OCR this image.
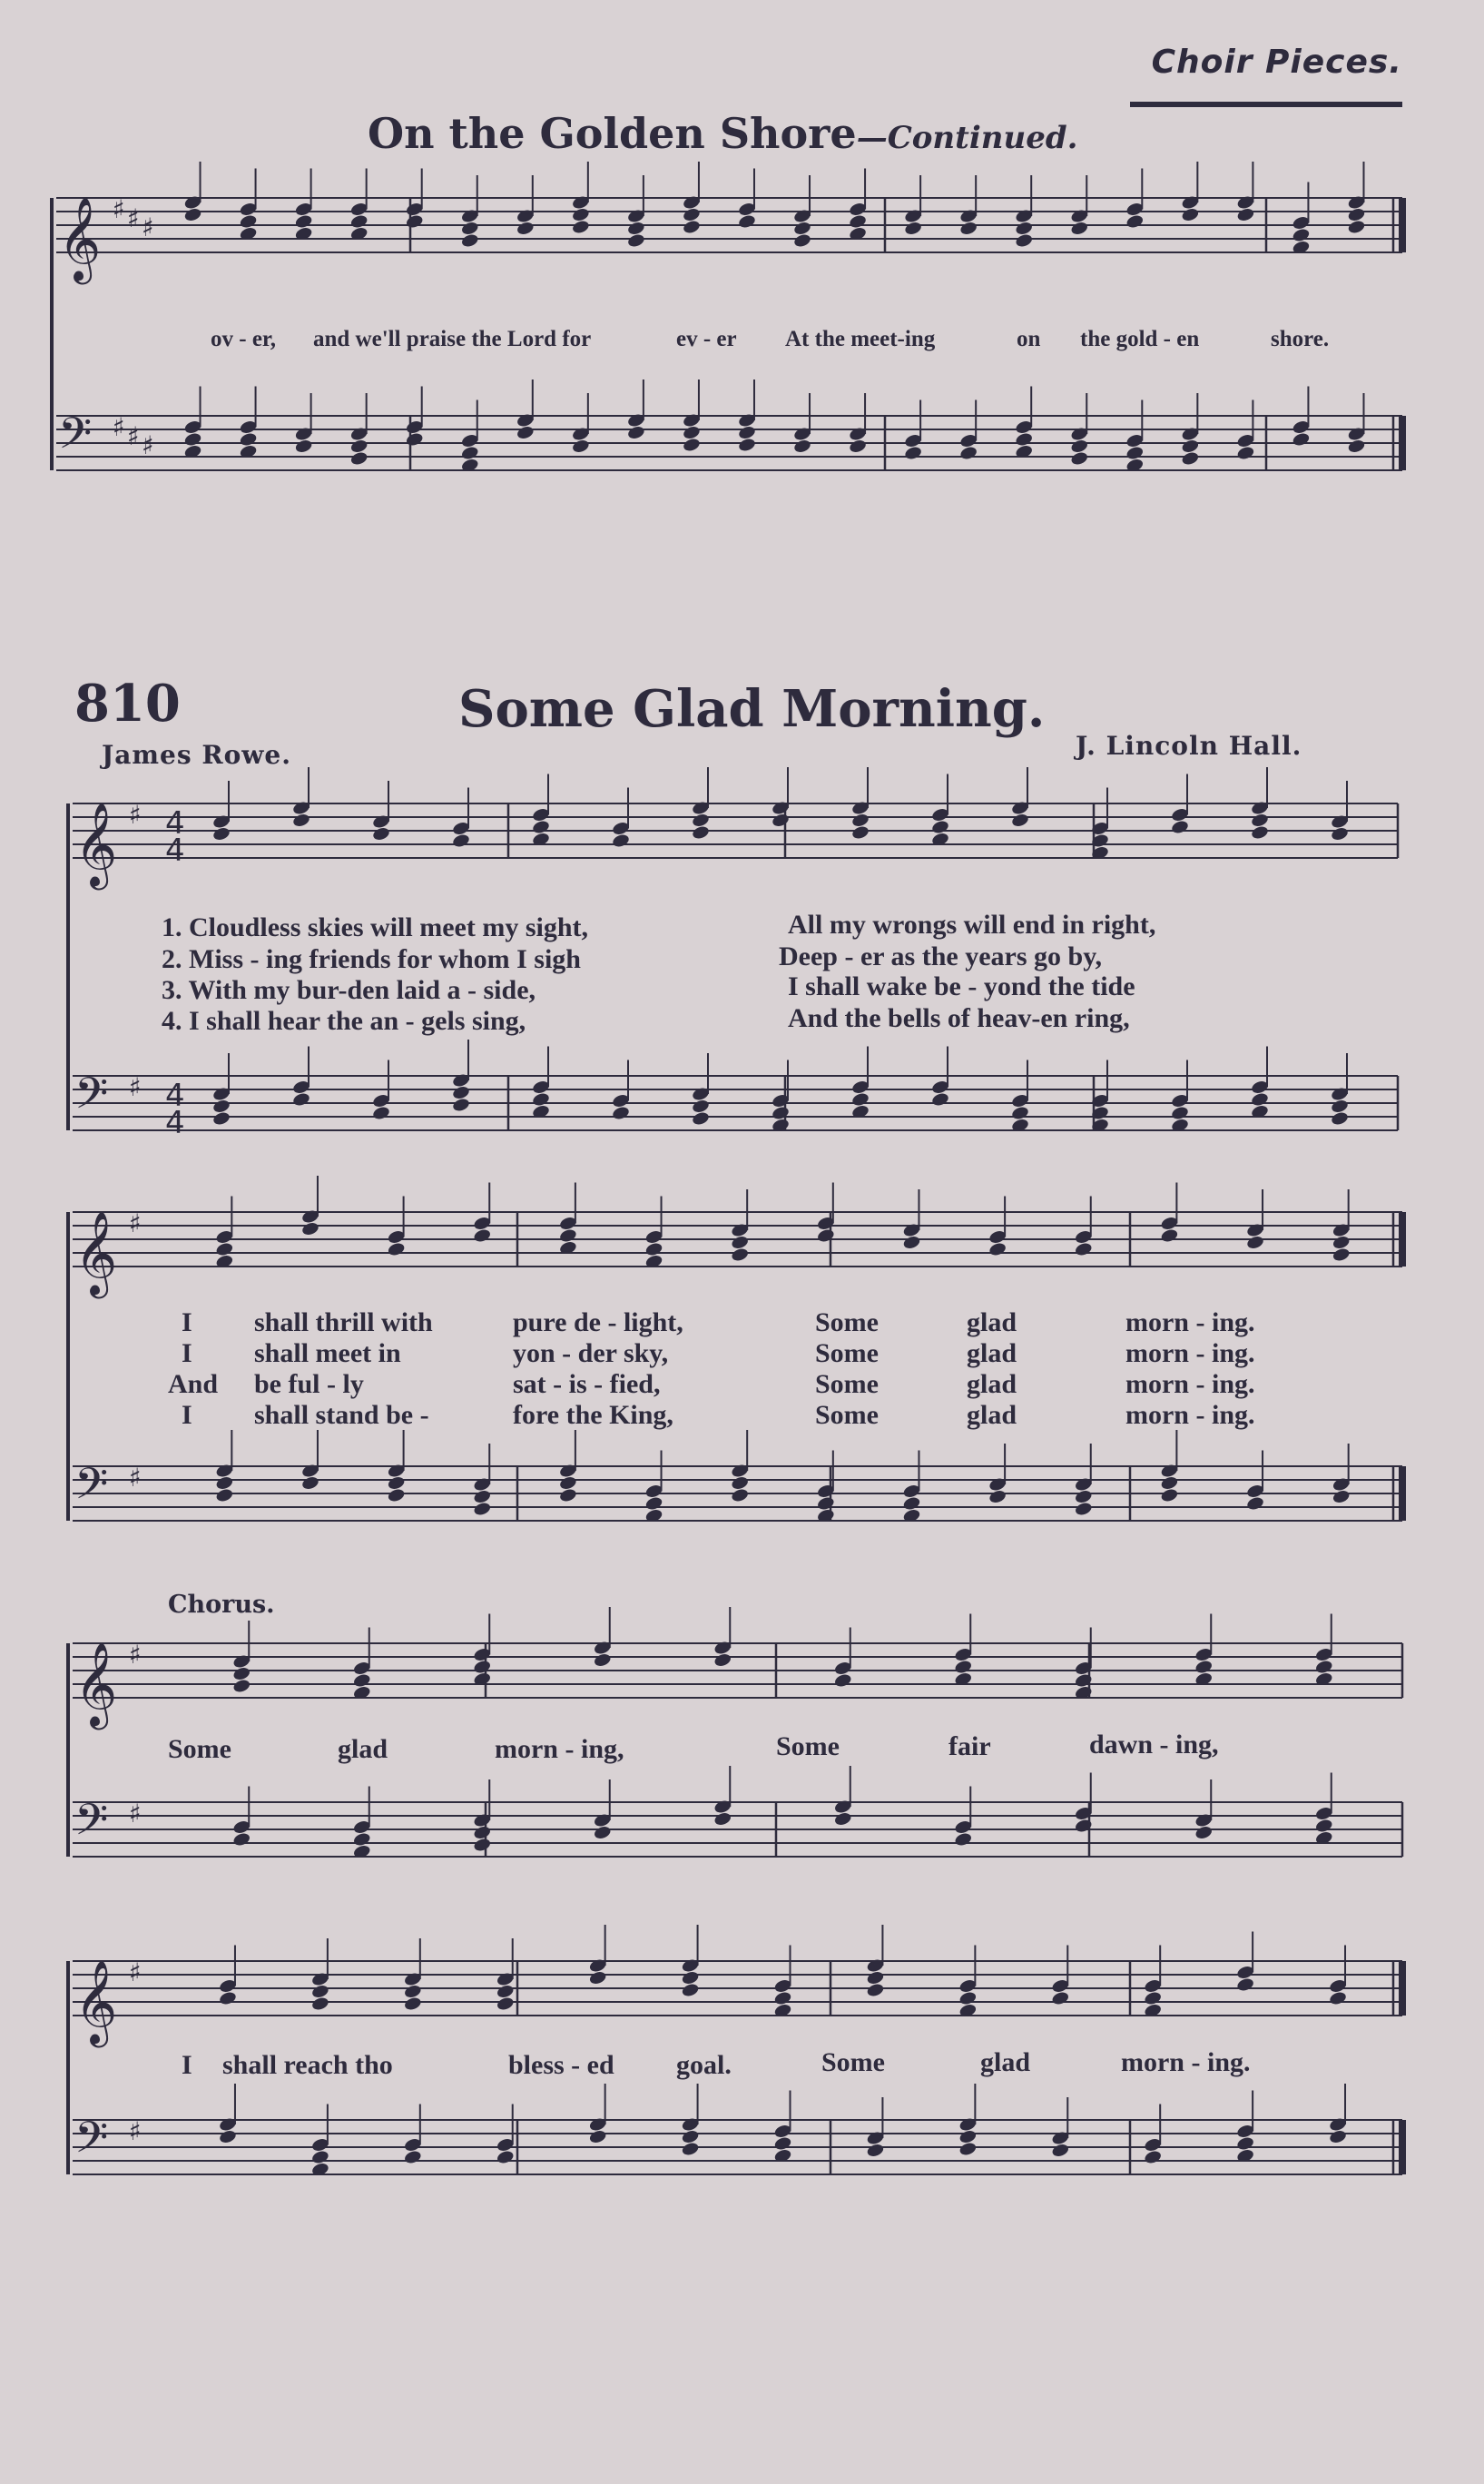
Choir Pieces.
On the Golden Shore—Continued.
𝄞
𝄢
♯
♯
♯
♯
♯
♯
𝄞
𝄢
♯
♯
𝄞
𝄢
♯
♯
𝄞
𝄢
♯
♯
𝄞
𝄢
♯
♯
4
4
4
4
ov - er, and we'll praise the Lord for	ev - er At the meet-ing	on the gold - en	shore.
810	Some Glad Morning.
James Rowe.	J. Lincoln Hall.
1. Cloudless skies will meet my sight,	All my wrongs will end in right,
2. Miss - ing friends for whom I sigh	Deep - er as the years go by,
3. With my bur-den laid a - side,	I shall wake be - yond the tide
4. I shall hear the an - gels sing,	And the bells of heav-en ring,
I shall thrill with	pure de - light,	Some	glad	morn - ing.
I shall meet in	yon - der sky,	Some	glad	morn - ing.
And be ful - ly	sat - is - fied,	Some	glad	morn - ing.
I shall stand be -	fore the King,	Some	glad	morn - ing.
Chorus.
Some	glad	morn - ing,	Some	fair	dawn - ing,
I shall reach tho	bless - ed goal.	Some	glad	morn - ing.
